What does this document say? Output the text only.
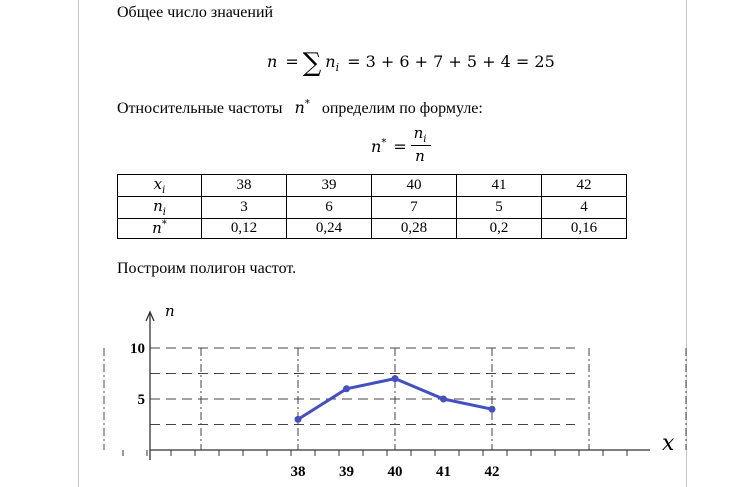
Общее число значений
n = ∑ $n_i = 3 + 6 + 7 + 5 + 4 = 25$
Относительные частоты n* определим по формуле:
n* =
$n_i$
n
$x_i$	38	39	40	41	42
$n_i$	3	6	7	5	4
n*	0,12	0,24	0,28	0,2	0,16
Построим полигон частот.
n
x
5
10
38 39 40 41 42
